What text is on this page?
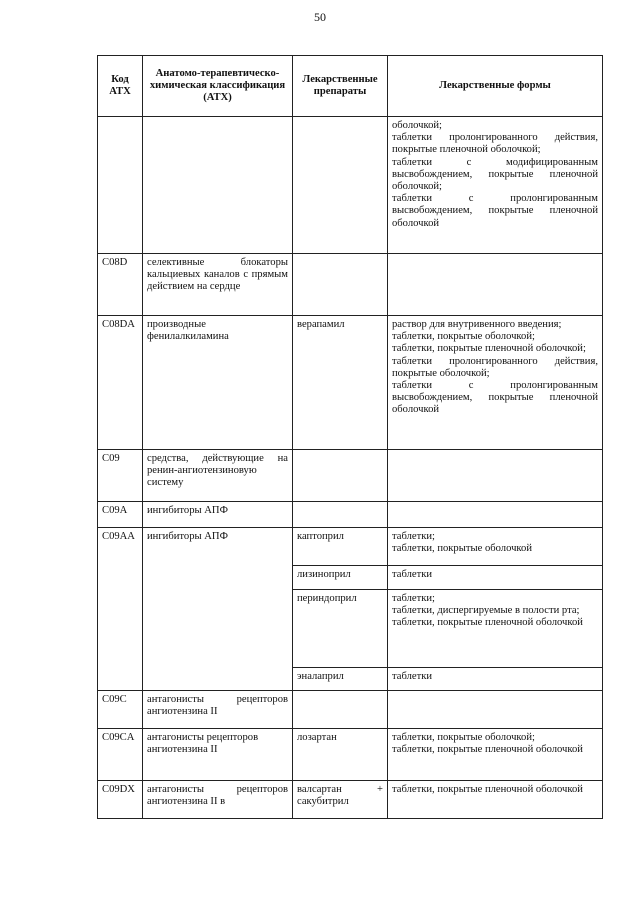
50
Код АТХ	Анатомо-терапевтическо-химическая классификация (АТХ)	Лекарственные препараты	Лекарственные формы
			оболочкой;
таблетки пролонгированного действия, покрытые пленочной оболочкой;
таблетки с модифицированным высвобождением, покрытые пленочной оболочкой;
таблетки с пролонгированным высвобождением, покрытые пленочной оболочкой
C08D	селективные блокаторы кальциевых каналов с прямым действием на сердце		
C08DA	производные фенилалкиламина	верапамил	раствор для внутривенного введения;
таблетки, покрытые оболочкой;
таблетки, покрытые пленочной оболочкой;
таблетки пролонгированного действия, покрытые оболочкой;
таблетки с пролонгированным высвобождением, покрытые пленочной оболочкой
C09	средства, действующие на ренин-ангиотензиновую систему		
C09A	ингибиторы АПФ		
C09AA	ингибиторы АПФ	каптоприл	таблетки;
таблетки, покрытые оболочкой
		лизиноприл	таблетки
		периндоприл	таблетки;
таблетки, диспергируемые в полости рта;
таблетки, покрытые пленочной оболочкой
		эналаприл	таблетки
C09C	антагонисты рецепторов ангиотензина II		
C09CA	антагонисты рецепторов ангиотензина II	лозартан	таблетки, покрытые оболочкой;
таблетки, покрытые пленочной оболочкой
C09DX	антагонисты рецепторов ангиотензина II в	валсартан + сакубитрил	таблетки, покрытые пленочной оболочкой
